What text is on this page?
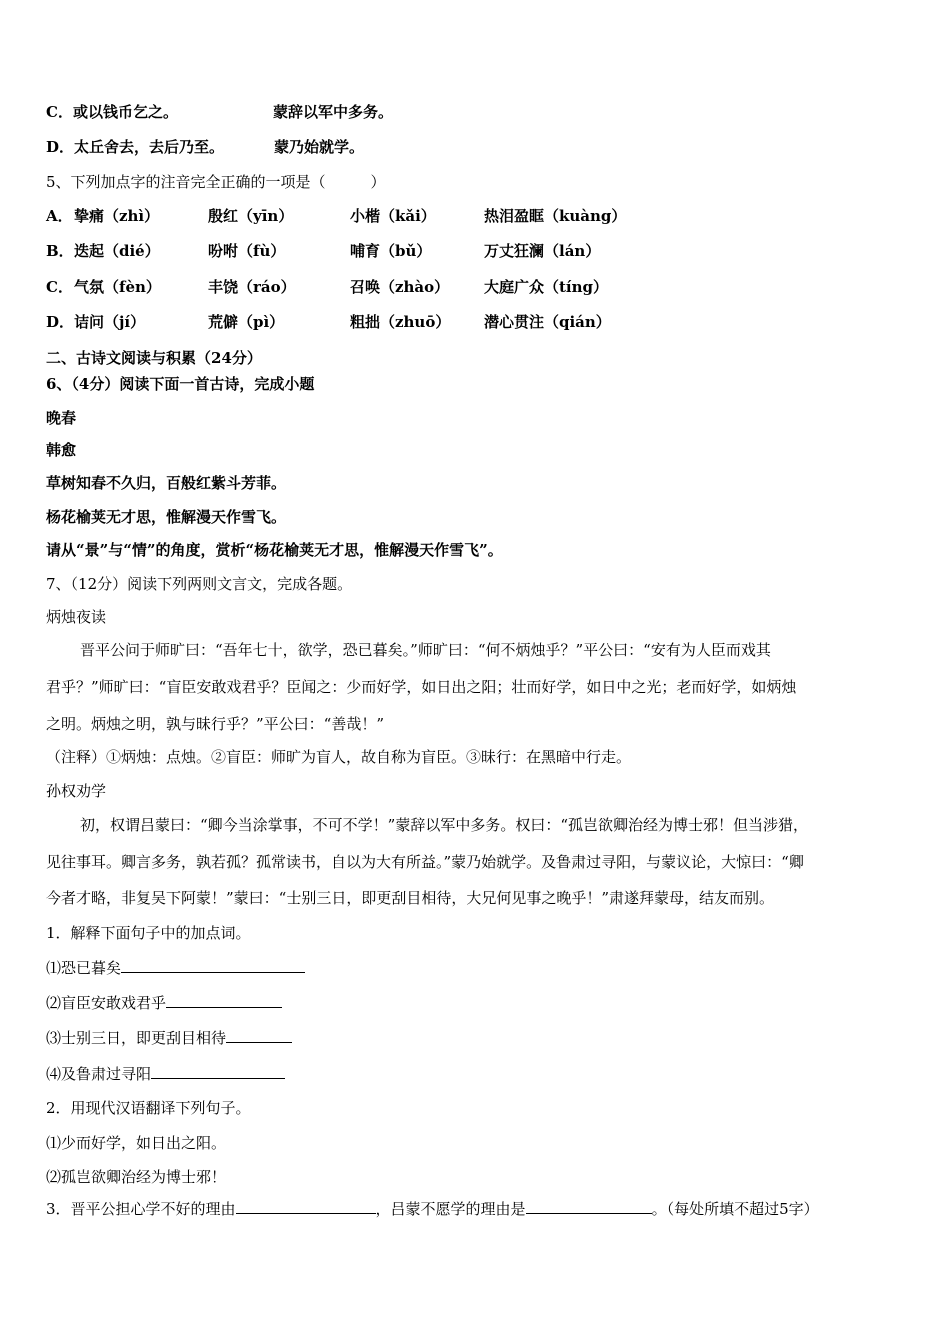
C．或以钱币乞之。	蒙辞以军中多务。
D．太丘舍去，去后乃至。	蒙乃始就学。
5、下列加点字的注音完全正确的一项是（　　　）
A．挚痛（zhì）	殷红（yīn）	小楷（kǎi）	热泪盈眶（kuàng）
B．迭起（dié）	吩咐（fù）	哺育（bǔ）	万丈狂澜（lán）
C．气氛（fèn）	丰饶（ráo）	召唤（zhào） 大庭广众（tíng）
D．诘问（jí）	荒僻（pì）	粗拙（zhuō） 潜心贯注（qián）
二、古诗文阅读与积累（24分）
6、（4分）阅读下面一首古诗，完成小题
晚春
韩愈
草树知春不久归，百般红紫斗芳菲。
杨花榆荚无才思，惟解漫天作雪飞。
请从“景”与“情”的角度，赏析“杨花榆荚无才思，惟解漫天作雪飞”。
7、（12分）阅读下列两则文言文，完成各题。
炳烛夜读
晋平公问于师旷曰：“吾年七十，欲学，恐已暮矣。”师旷曰：“何不炳烛乎？”平公曰：“安有为人臣而戏其
君乎？”师旷曰：“盲臣安敢戏君乎？臣闻之：少而好学，如日出之阳；壮而好学，如日中之光；老而好学，如炳烛
之明。炳烛之明，孰与昧行乎？”平公曰：“善哉！”
（注释）①炳烛：点烛。②盲臣：师旷为盲人，故自称为盲臣。③昧行：在黑暗中行走。
孙权劝学
初，权谓吕蒙曰：“卿今当涂掌事，不可不学！”蒙辞以军中多务。权曰：“孤岂欲卿治经为博士邪！但当涉猎，
见往事耳。卿言多务，孰若孤？孤常读书，自以为大有所益。”蒙乃始就学。及鲁肃过寻阳，与蒙议论，大惊曰：“卿
今者才略，非复吴下阿蒙！”蒙曰：“士别三日，即更刮目相待，大兄何见事之晚乎！”肃遂拜蒙母，结友而别。
1．解释下面句子中的加点词。
⑴恐已暮矣
⑵盲臣安敢戏君乎
⑶士别三日，即更刮目相待
⑷及鲁肃过寻阳
2．用现代汉语翻译下列句子。
⑴少而好学，如日出之阳。
⑵孤岂欲卿治经为博士邪！
3．晋平公担心学不好的理由	，吕蒙不愿学的理由是	。（每处所填不超过5字）
